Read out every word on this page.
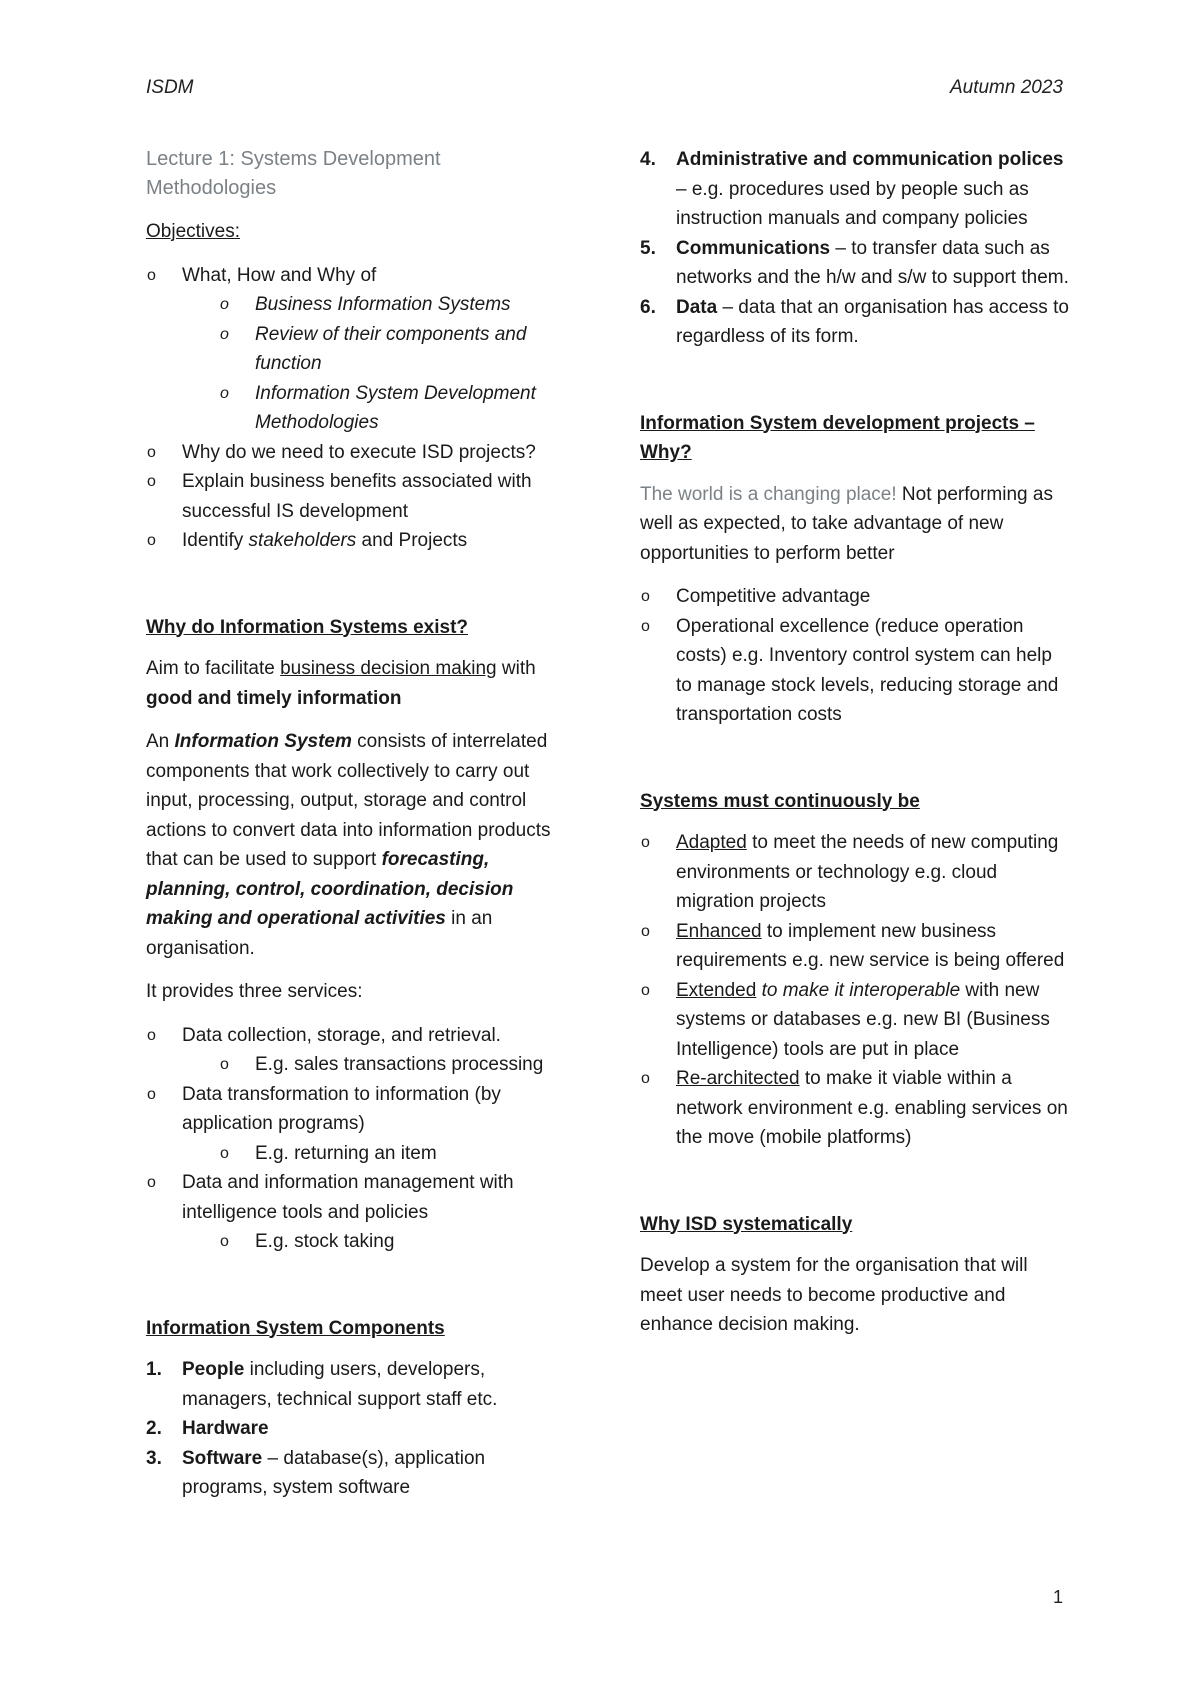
ISDM	Autumn 2023
Lecture 1: Systems Development Methodologies
Objectives:
o What, How and Why of
o Business Information Systems
o Review of their components and function
o Information System Development Methodologies
o Why do we need to execute ISD projects?
o Explain business benefits associated with successful IS development
o Identify stakeholders and Projects
Why do Information Systems exist?
Aim to facilitate business decision making with good and timely information
An Information System consists of interrelated components that work collectively to carry out input, processing, output, storage and control actions to convert data into information products that can be used to support forecasting, planning, control, coordination, decision making and operational activities in an organisation.
It provides three services:
o Data collection, storage, and retrieval.
o E.g. sales transactions processing
o Data transformation to information (by application programs)
o E.g. returning an item
o Data and information management with intelligence tools and policies
o E.g. stock taking
Information System Components
1. People including users, developers, managers, technical support staff etc.
2. Hardware
3. Software – database(s), application programs, system software
4. Administrative and communication polices – e.g. procedures used by people such as instruction manuals and company policies
5. Communications – to transfer data such as networks and the h/w and s/w to support them.
6. Data – data that an organisation has access to regardless of its form.
Information System development projects – Why?
The world is a changing place! Not performing as well as expected, to take advantage of new opportunities to perform better
o Competitive advantage
o Operational excellence (reduce operation costs) e.g. Inventory control system can help to manage stock levels, reducing storage and transportation costs
Systems must continuously be
o Adapted to meet the needs of new computing environments or technology e.g. cloud migration projects
o Enhanced to implement new business requirements e.g. new service is being offered
o Extended to make it interoperable with new systems or databases e.g. new BI (Business Intelligence) tools are put in place
o Re-architected to make it viable within a network environment e.g. enabling services on the move (mobile platforms)
Why ISD systematically
Develop a system for the organisation that will meet user needs to become productive and enhance decision making.
1
